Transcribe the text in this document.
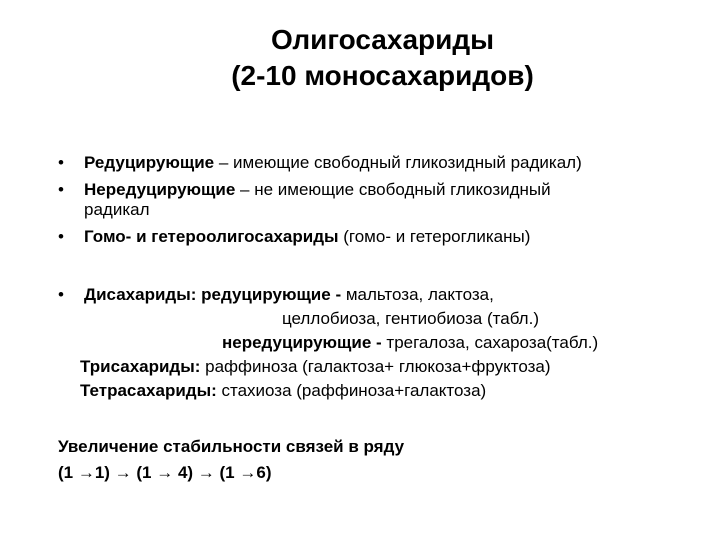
Олигосахариды
(2-10 моносахаридов)
• Редуцирующие – имеющие свободный гликозидный радикал)
• Нередуцирующие – не имеющие свободный гликозидный
радикал
• Гомо- и гетероолигосахариды (гомо- и гетерогликаны)
• Дисахариды: редуцирующие - мальтоза, лактоза,
целлобиоза, гентиобиоза (табл.)
нередуцирующие - трегалоза, сахароза(табл.)
Трисахариды: раффиноза (галактоза+ глюкоза+фруктоза)
Тетрасахариды: стахиоза (раффиноза+галактоза)
Увеличение стабильности связей в ряду
(1 →1) → (1 → 4) → (1 →6)
